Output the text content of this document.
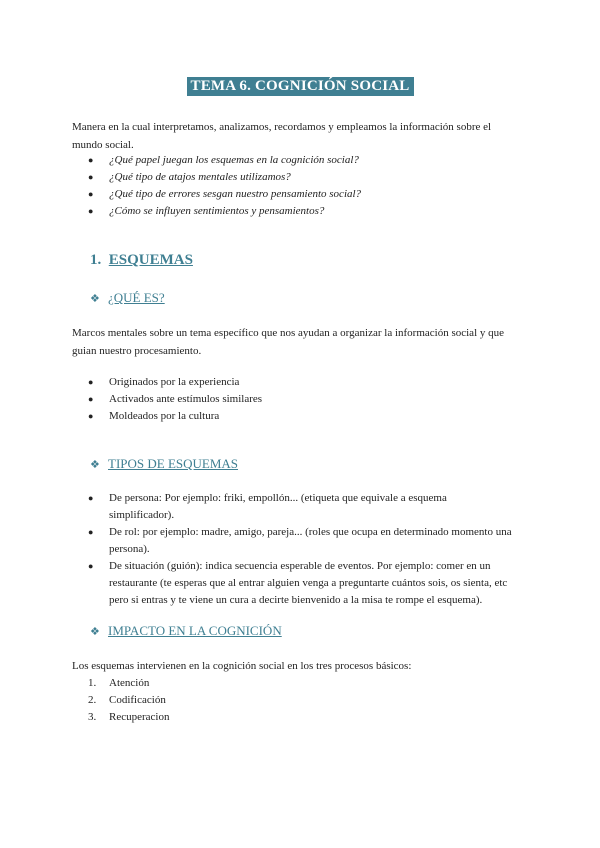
TEMA 6. COGNICIÓN SOCIAL
Manera en la cual interpretamos, analizamos, recordamos y empleamos la información sobre el mundo social.
● ¿Qué papel juegan los esquemas en la cognición social?
● ¿Qué tipo de atajos mentales utilizamos?
● ¿Qué tipo de errores sesgan nuestro pensamiento social?
● ¿Cómo se influyen sentimientos y pensamientos?
1. ESQUEMAS
❖ ¿QUÉ ES?
Marcos mentales sobre un tema específico que nos ayudan a organizar la información social y que guian nuestro procesamiento.
● Originados por la experiencia
● Activados ante estímulos similares
● Moldeados por la cultura
❖ TIPOS DE ESQUEMAS
● De persona: Por ejemplo: friki, empollón... (etiqueta que equivale a esquema simplificador).
● De rol: por ejemplo: madre, amigo, pareja... (roles que ocupa en determinado momento una persona).
● De situación (guión): indica secuencia esperable de eventos. Por ejemplo: comer en un restaurante (te esperas que al entrar alguien venga a preguntarte cuántos sois, os sienta, etc pero si entras y te viene un cura a decirte bienvenido a la misa te rompe el esquema).
❖ IMPACTO EN LA COGNICIÓN
Los esquemas intervienen en la cognición social en los tres procesos básicos:
1. Atención
2. Codificación
3. Recuperacion
